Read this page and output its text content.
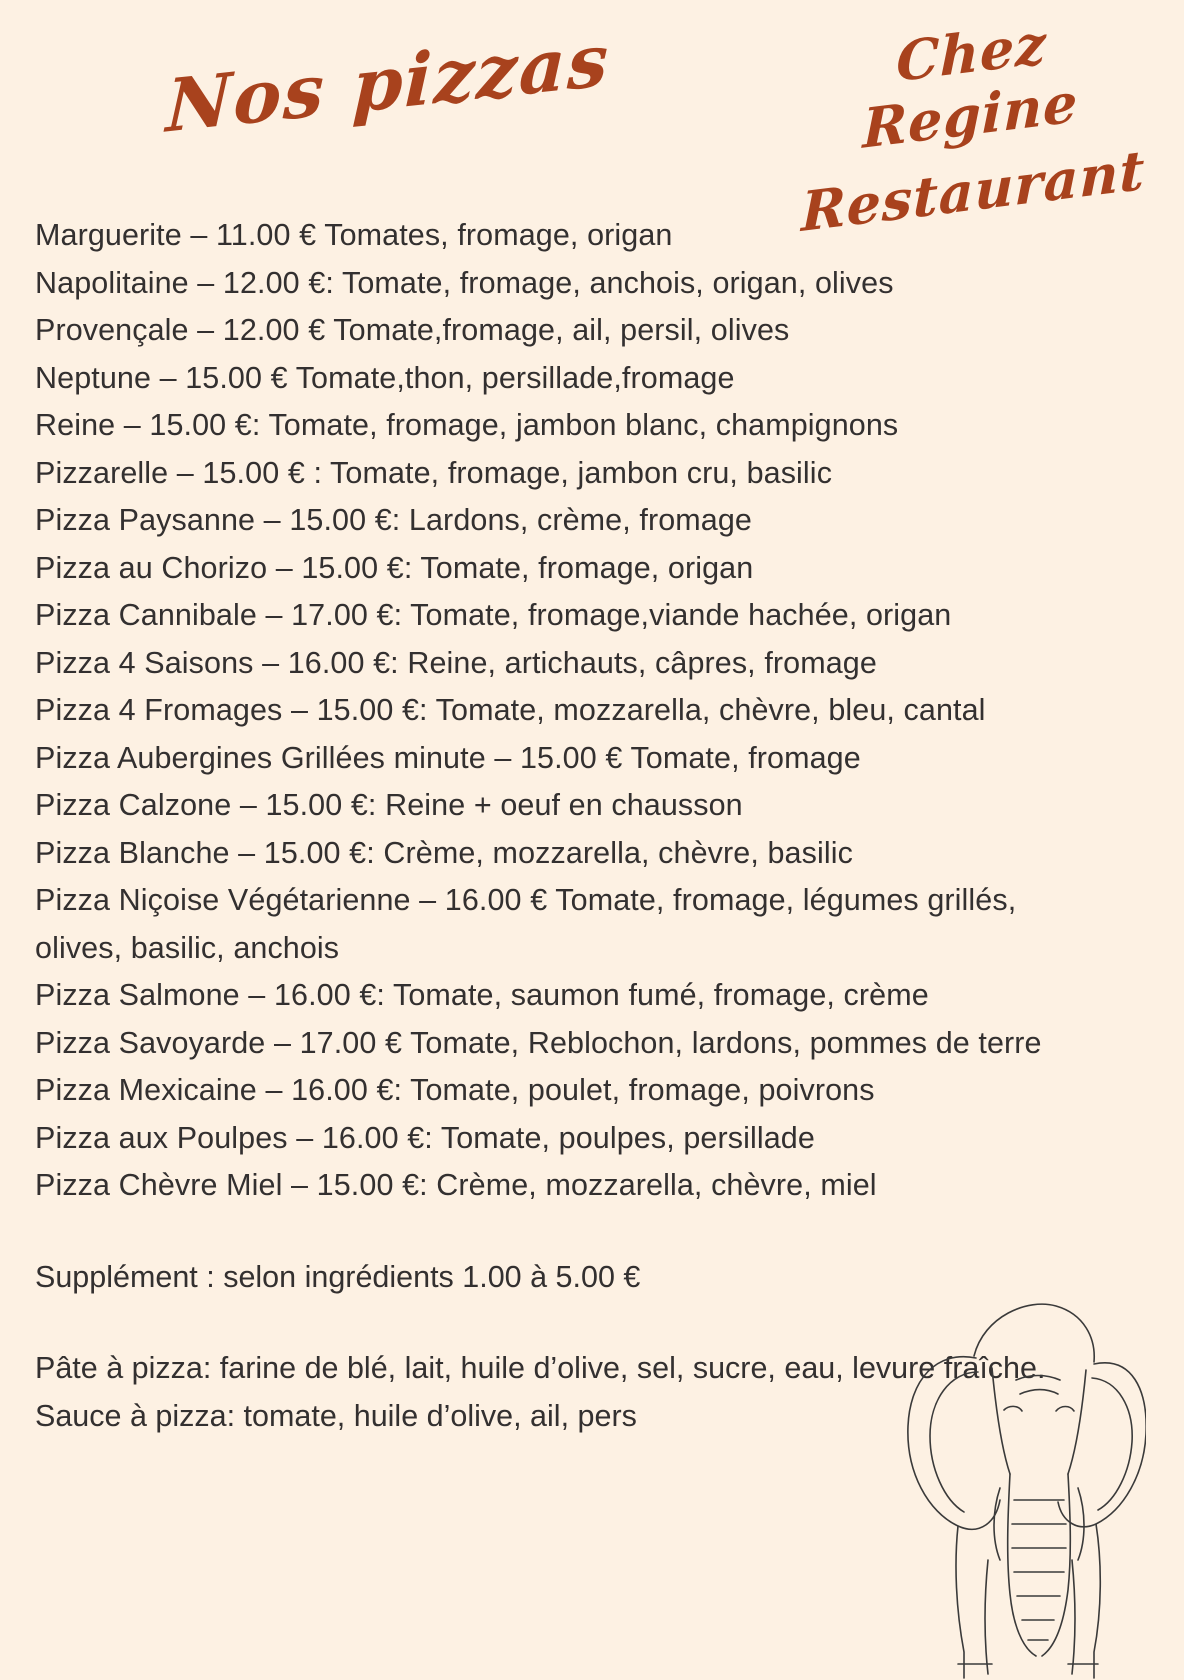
Nos pizzas	Chez Regine
Restaurant
Marguerite – 11.00 € Tomates, fromage, origan
Napolitaine – 12.00 €: Tomate, fromage, anchois, origan, olives
Provençale – 12.00 € Tomate,fromage, ail, persil, olives
Neptune – 15.00 € Tomate,thon, persillade,fromage
Reine – 15.00 €: Tomate, fromage, jambon blanc, champignons
Pizzarelle – 15.00 € : Tomate, fromage, jambon cru, basilic
Pizza Paysanne – 15.00 €: Lardons, crème, fromage
Pizza au Chorizo – 15.00 €: Tomate, fromage, origan
Pizza Cannibale – 17.00 €: Tomate, fromage,viande hachée, origan
Pizza 4 Saisons – 16.00 €: Reine, artichauts, câpres, fromage
Pizza 4 Fromages – 15.00 €: Tomate, mozzarella, chèvre, bleu, cantal
Pizza Aubergines Grillées minute – 15.00 € Tomate, fromage
Pizza Calzone – 15.00 €: Reine + oeuf en chausson
Pizza Blanche – 15.00 €: Crème, mozzarella, chèvre, basilic
Pizza Niçoise Végétarienne – 16.00 € Tomate, fromage, légumes grillés, olives, basilic, anchois
Pizza Salmone – 16.00 €: Tomate, saumon fumé, fromage, crème
Pizza Savoyarde – 17.00 € Tomate, Reblochon, lardons, pommes de terre
Pizza Mexicaine – 16.00 €: Tomate, poulet, fromage, poivrons
Pizza aux Poulpes – 16.00 €: Tomate, poulpes, persillade
Pizza Chèvre Miel – 15.00 €: Crème, mozzarella, chèvre, miel
Supplément : selon ingrédients 1.00 à 5.00 €
Pâte à pizza: farine de blé, lait, huile d’olive, sel, sucre, eau, levure fraîche.
Sauce à pizza: tomate, huile d’olive, ail, pers
